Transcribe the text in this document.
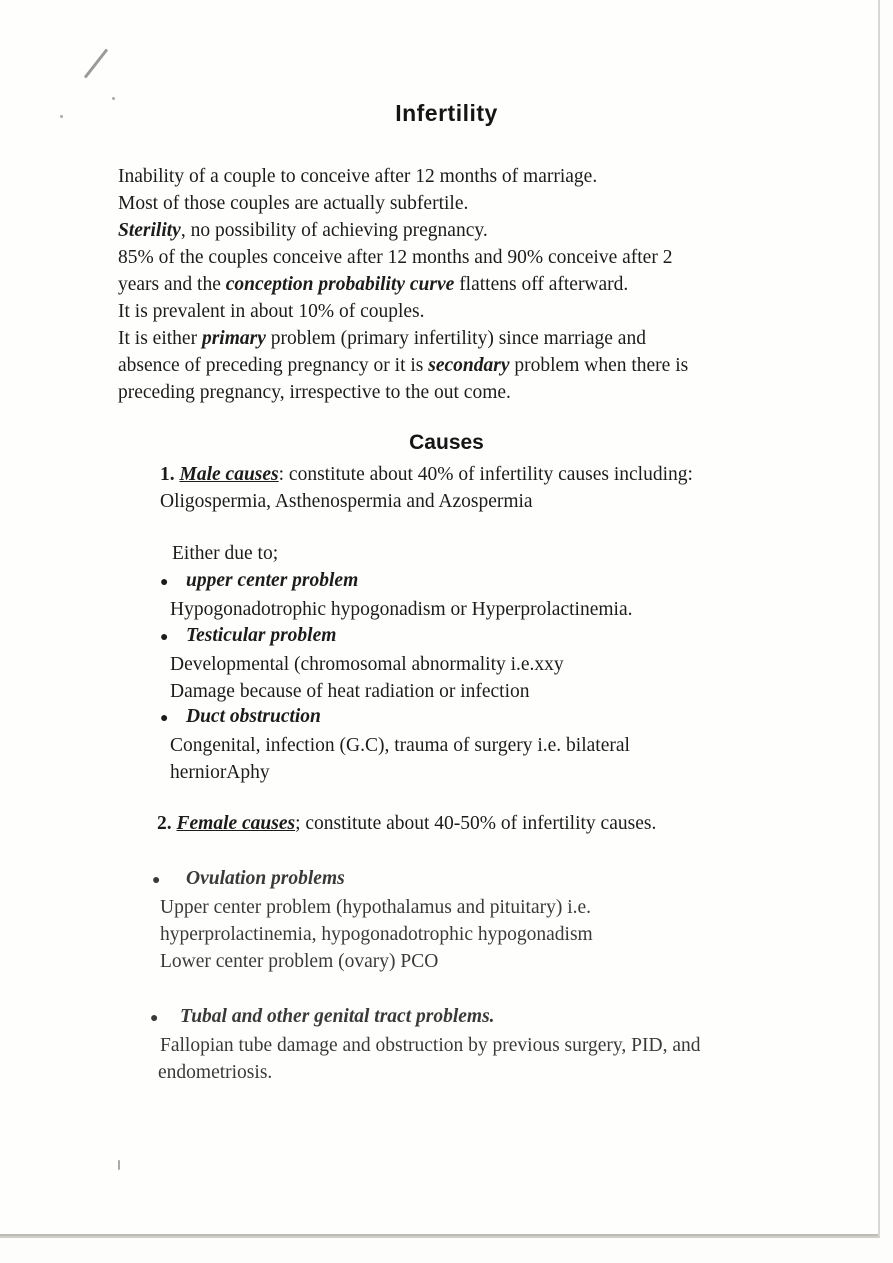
Infertility

Inability of a couple to conceive after 12 months of marriage.

Most of those couples are actually subfertile.

Sterility, no possibility of achieving pregnancy.

85% of the couples conceive after 12 months and 90% conceive after 2

years and the conception probability curve flattens off afterward.

It is prevalent in about 10% of couples.

It is either primary problem (primary infertility) since marriage and

absence of preceding pregnancy or it is secondary problem when there is

preceding pregnancy, irrespective to the out come.

Causes

1. Male causes: constitute about 40% of infertility causes including:

Oligospermia, Asthenospermia and Azospermia

Either due to;

● upper center problem

Hypogonadotrophic hypogonadism or Hyperprolactinemia.

● Testicular problem

Developmental (chromosomal abnormality i.e.xxy

Damage because of heat radiation or infection

● Duct obstruction

Congenital, infection (G.C), trauma of surgery i.e. bilateral

herniorAphy

2. Female causes; constitute about 40-50% of infertility causes.

●	Ovulation problems

Upper center problem (hypothalamus and pituitary) i.e.

hyperprolactinemia, hypogonadotrophic hypogonadism

Lower center problem (ovary) PCO

●	Tubal and other genital tract problems.

Fallopian tube damage and obstruction by previous surgery, PID, and

endometriosis.
